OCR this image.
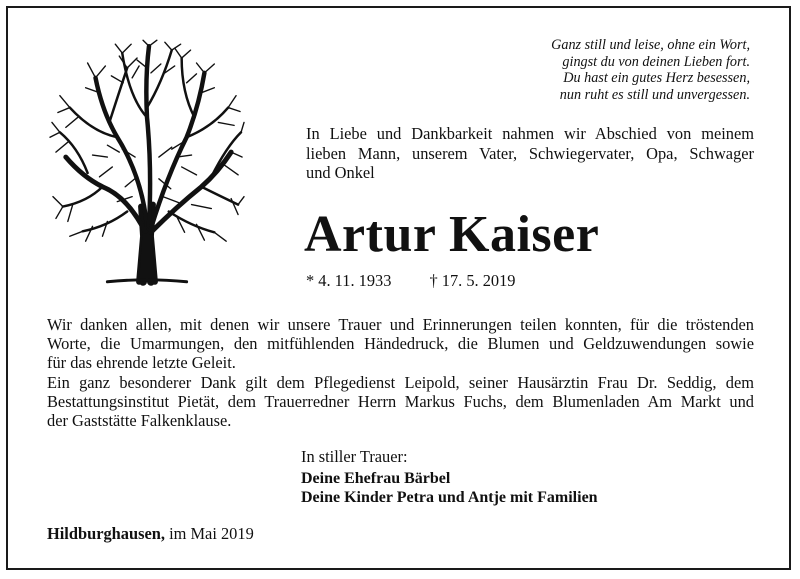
Ganz still und leise, ohne ein Wort,
gingst du von deinen Lieben fort.
Du hast ein gutes Herz besessen,
nun ruht es still und unvergessen.
In Liebe und Dankbarkeit nahmen wir Abschied von meinem
lieben Mann, unserem Vater, Schwiegervater, Opa, Schwager
und Onkel
Artur Kaiser
* 4. 11. 1933 † 17. 5. 2019
Wir danken allen, mit denen wir unsere Trauer und Erinnerungen teilen konnten, für die tröstenden
Worte, die Umarmungen, den mitfühlenden Händedruck, die Blumen und Geldzuwendungen sowie
für das ehrende letzte Geleit.
Ein ganz besonderer Dank gilt dem Pflegedienst Leipold, seiner Hausärztin Frau Dr. Seddig, dem
Bestattungsinstitut Pietät, dem Trauerredner Herrn Markus Fuchs, dem Blumenladen Am Markt und
der Gaststätte Falkenklause.
In stiller Trauer:
Deine Ehefrau Bärbel
Deine Kinder Petra und Antje mit Familien
Hildburghausen, im Mai 2019
